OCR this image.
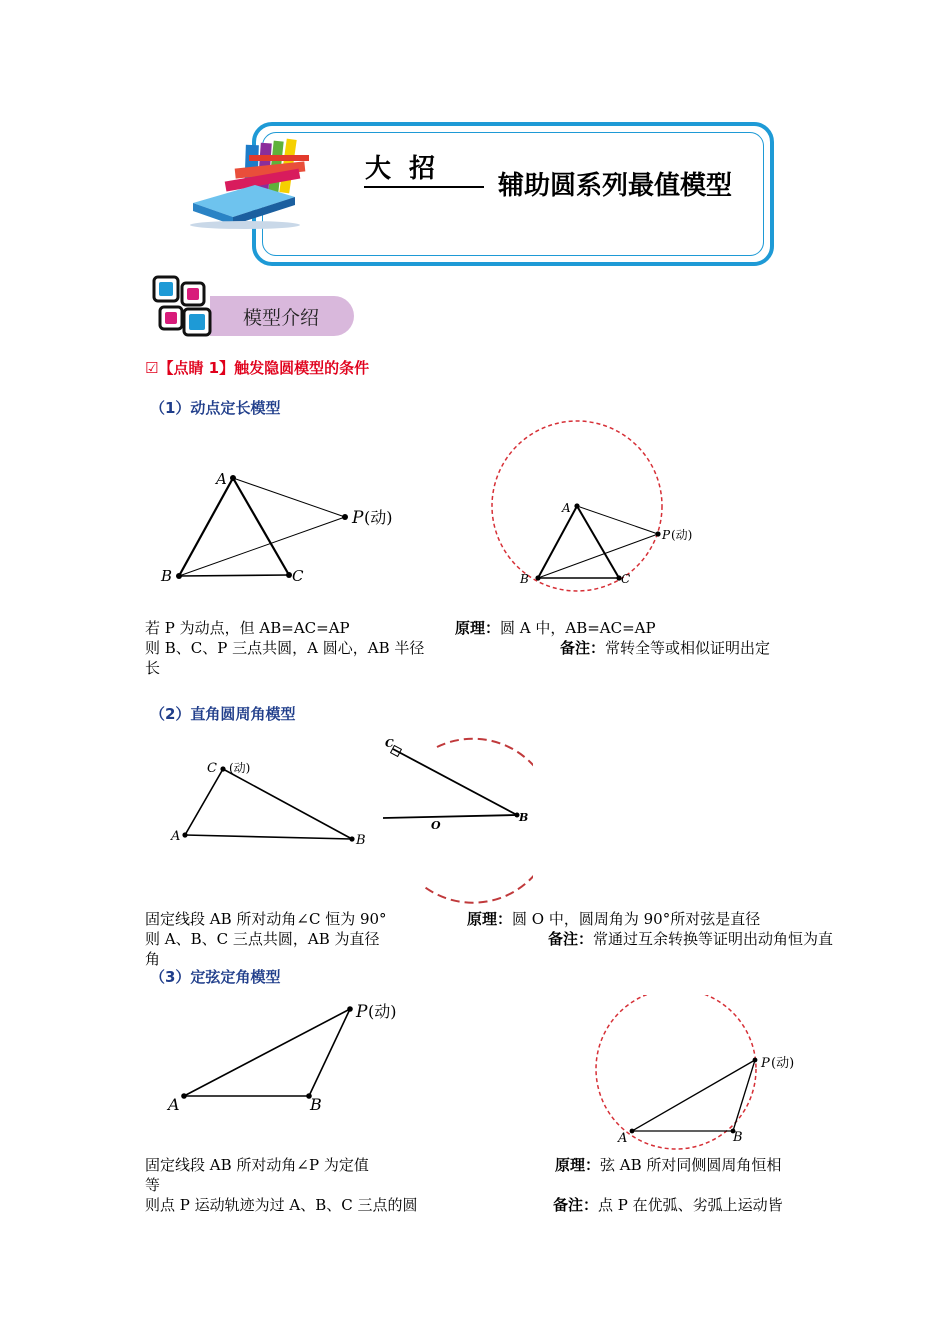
大招
辅助圆系列最值模型
模型介绍
☑【点睛 1】触发隐圆模型的条件
（1）动点定长模型
A
B	C
P (动)	A
B	C
P (动)
若 P 为动点，但 AB=AC=AP
则 B、C、P 三点共圆，A 圆心，AB 半径
长
原理：圆 A 中，AB=AC=AP
备注：常转全等或相似证明出定
（2）直角圆周角模型
C (动)
A	B
C
B
O
固定线段 AB 所对动角∠C 恒为 90°
则 A、B、C 三点共圆，AB 为直径
角
原理：圆 O 中，圆周角为 90°所对弦是直径
备注：常通过互余转换等证明出动角恒为直
（3）定弦定角模型
A	B
P (动)
A	B
P (动)
固定线段 AB 所对动角∠P 为定值
等
则点 P 运动轨迹为过 A、B、C 三点的圆
原理：弦 AB 所对同侧圆周角恒相
备注：点 P 在优弧、劣弧上运动皆
